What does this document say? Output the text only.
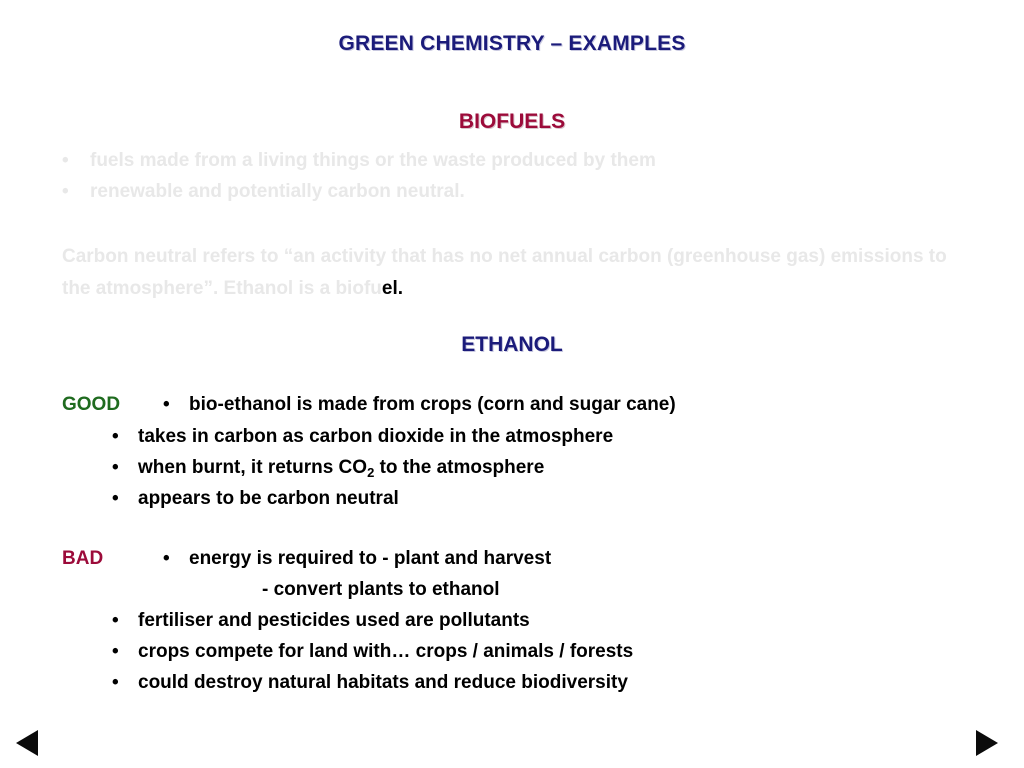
GREEN CHEMISTRY – EXAMPLES
BIOFUELS
• fuels made from a living things or the waste produced by them
• renewable and potentially carbon neutral.
Carbon neutral refers to “an activity that has no net annual carbon (greenhouse gas) emissions to the atmosphere”. Ethanol is a biofuel.
ETHANOL
GOOD • bio-ethanol is made from crops (corn and sugar cane)
• takes in carbon as carbon dioxide in the atmosphere
• when burnt, it returns $CO_2$ to the atmosphere
• appears to be carbon neutral
BAD	• energy is required to - plant and harvest
- convert plants to ethanol
• fertiliser and pesticides used are pollutants
• crops compete for land with… crops / animals / forests
• could destroy natural habitats and reduce biodiversity
